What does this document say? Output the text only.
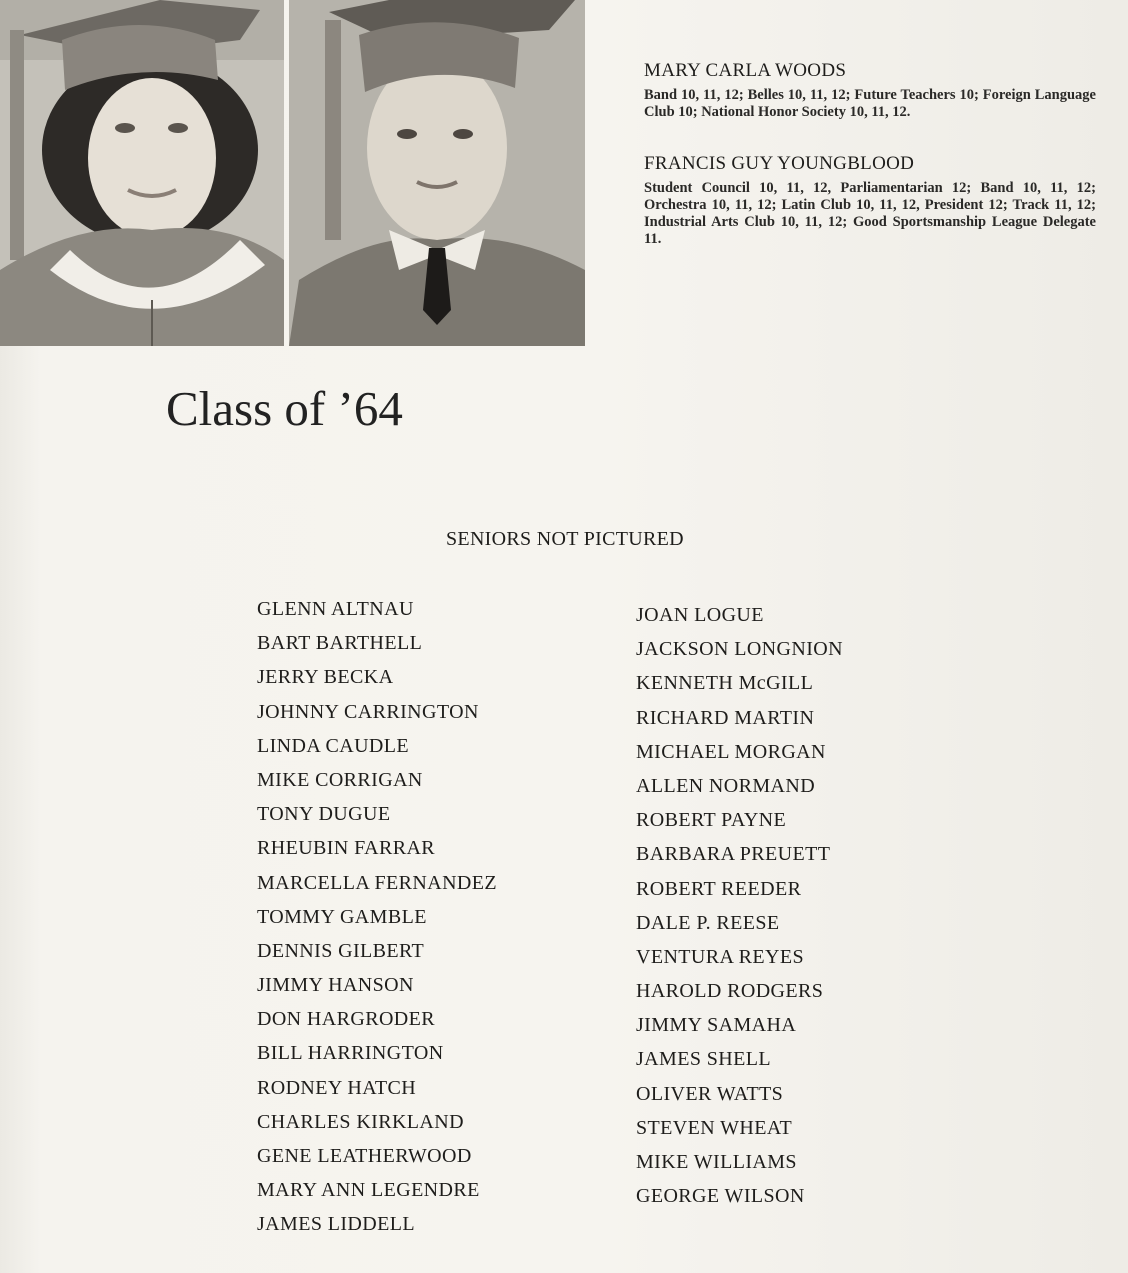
MARY CARLA WOODS

Band 10, 11, 12; Belles 10, 11, 12; Future Teachers 10; Foreign Language Club 10; National Honor Society 10, 11, 12.

FRANCIS GUY YOUNGBLOOD

Student Council 10, 11, 12, Parliamentarian 12; Band 10, 11, 12; Orchestra 10, 11, 12; Latin Club 10, 11, 12, President 12; Track 11, 12; Industrial Arts Club 10, 11, 12; Good Sportsmanship League Delegate 11.

Class of ’64
SENIORS NOT PICTURED
GLENN ALTNAU
BART BARTHELL
JERRY BECKA
JOHNNY CARRINGTON
LINDA CAUDLE
MIKE CORRIGAN
TONY DUGUE
RHEUBIN FARRAR
MARCELLA FERNANDEZ
TOMMY GAMBLE
DENNIS GILBERT
JIMMY HANSON
DON HARGRODER
BILL HARRINGTON
RODNEY HATCH
CHARLES KIRKLAND
GENE LEATHERWOOD
MARY ANN LEGENDRE
JAMES LIDDELL
JOAN LOGUE
JACKSON LONGNION
KENNETH McGILL
RICHARD MARTIN
MICHAEL MORGAN
ALLEN NORMAND
ROBERT PAYNE
BARBARA PREUETT
ROBERT REEDER
DALE P. REESE
VENTURA REYES
HAROLD RODGERS
JIMMY SAMAHA
JAMES SHELL
OLIVER WATTS
STEVEN WHEAT
MIKE WILLIAMS
GEORGE WILSON
